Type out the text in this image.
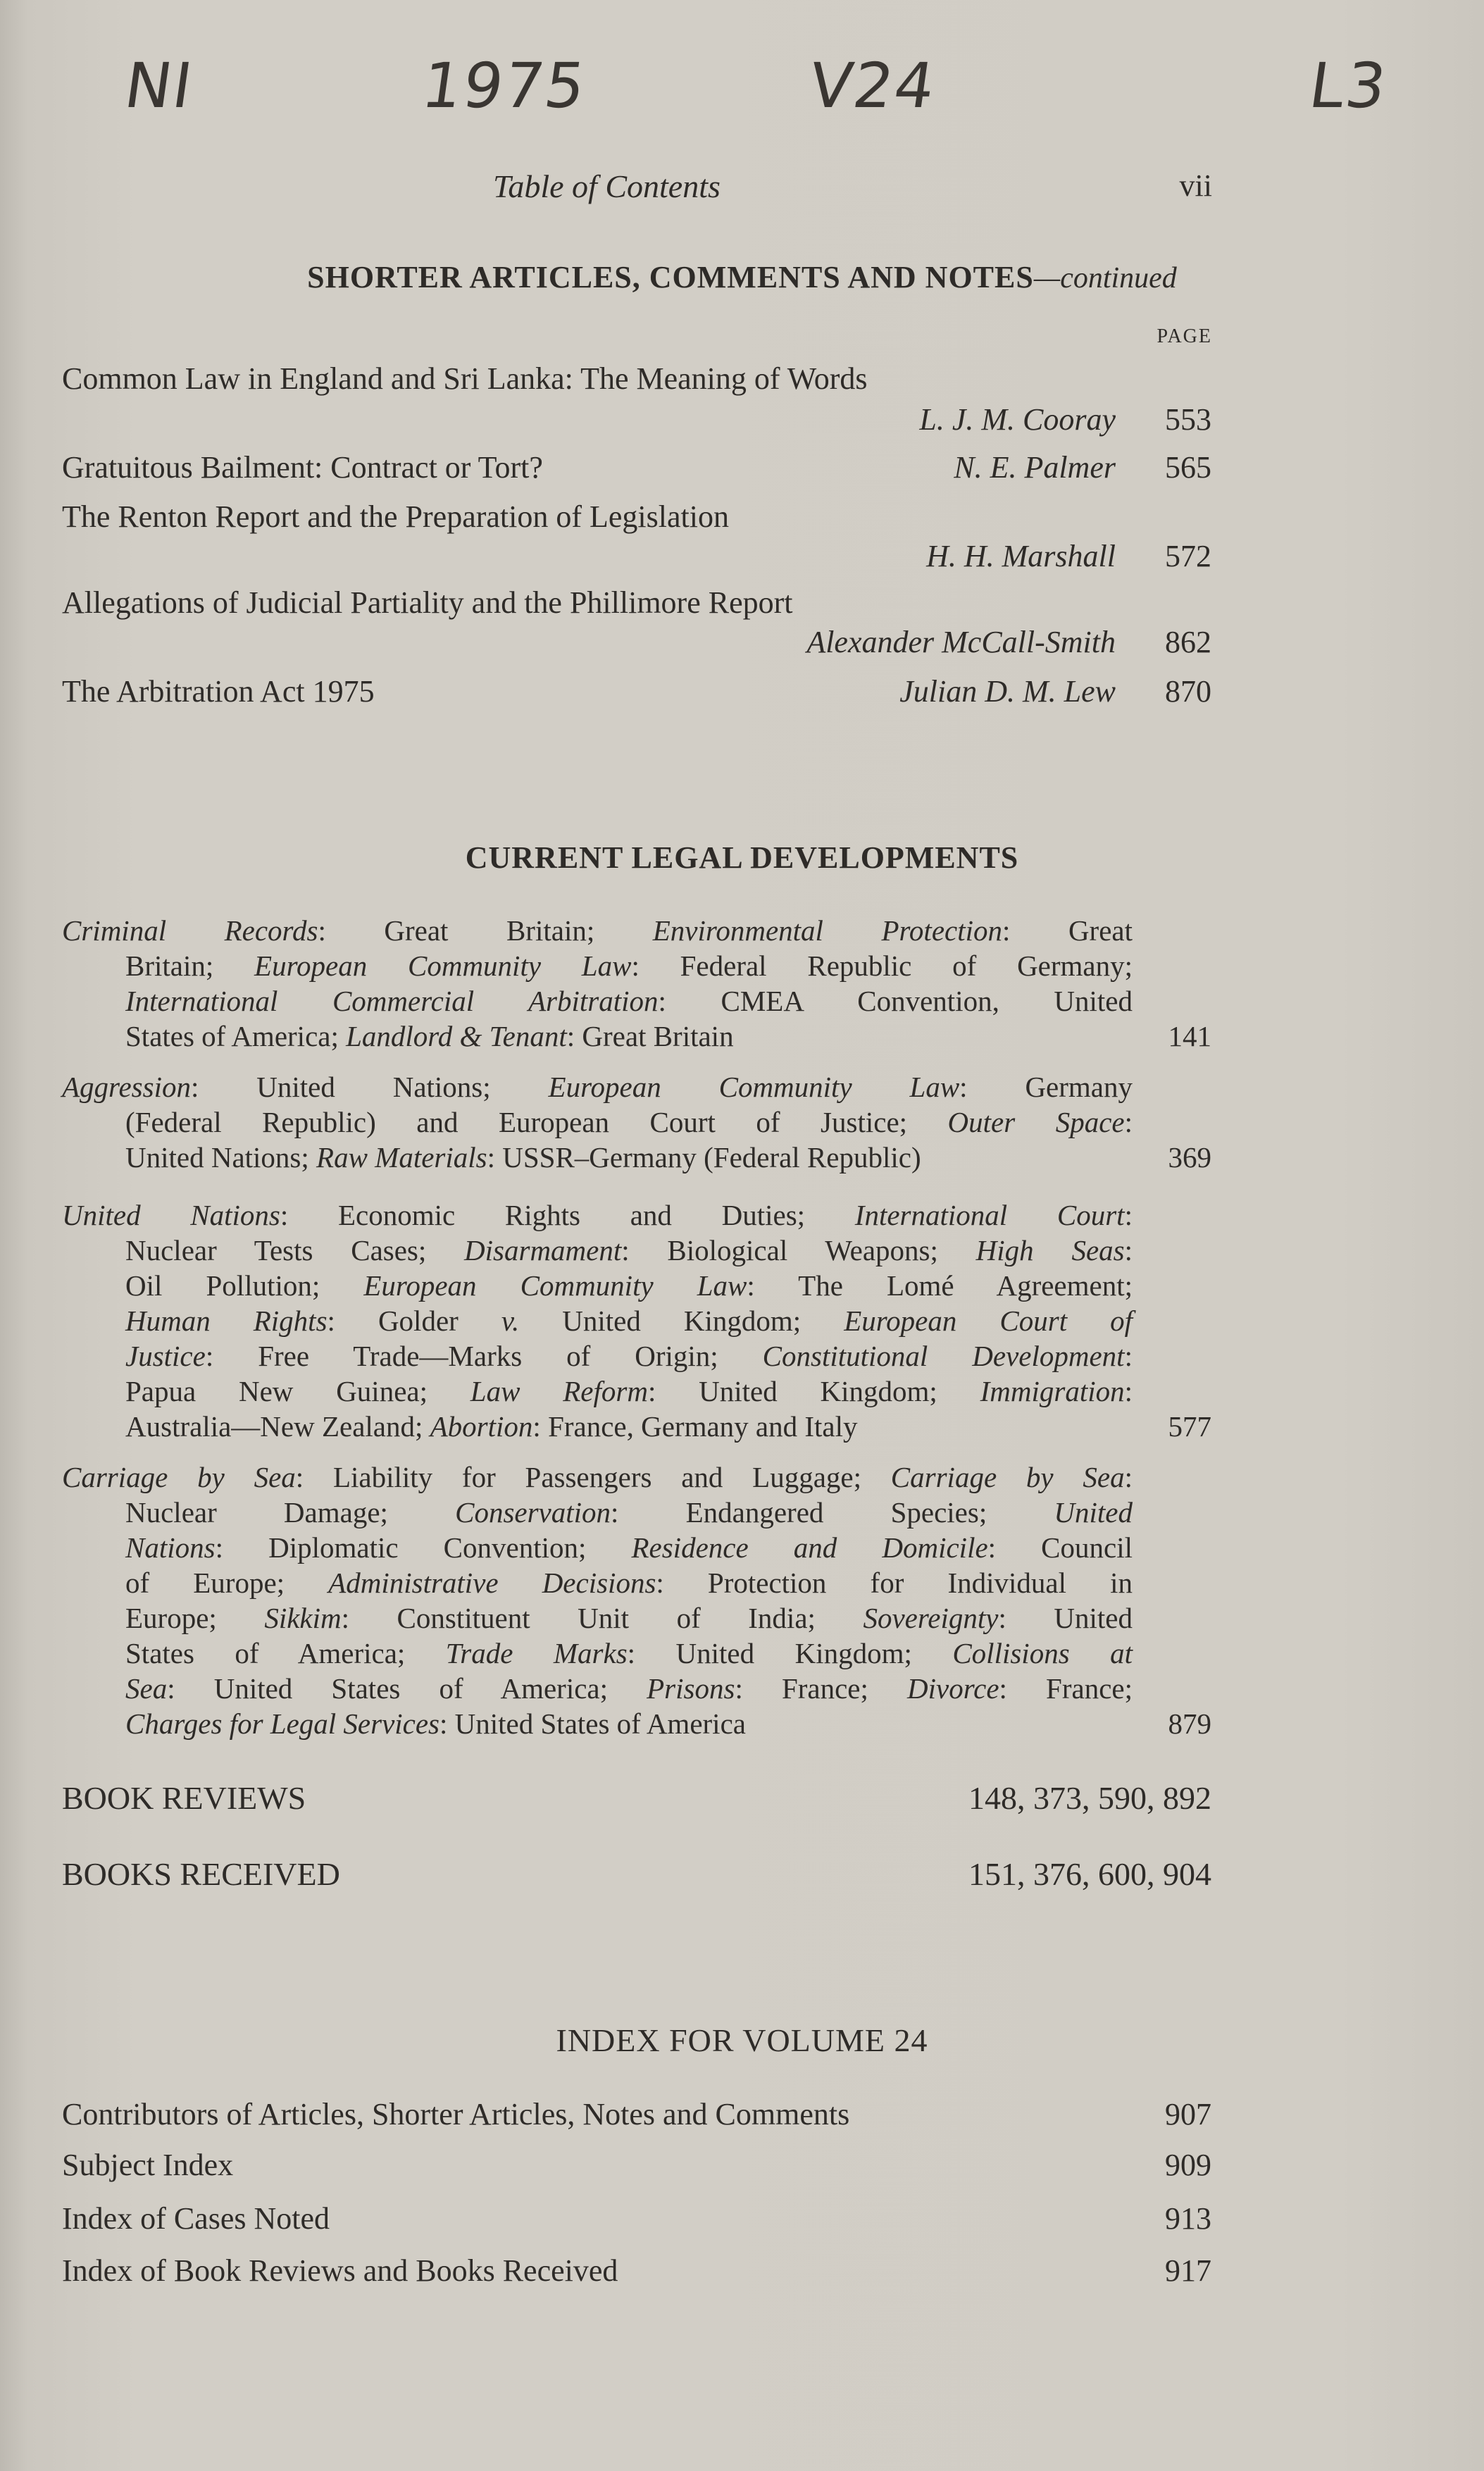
NI	1975	V24	L3
Table of Contents	vii
SHORTER ARTICLES, COMMENTS AND NOTES—continued
PAGE
Common Law in England and Sri Lanka: The Meaning of Words
L. J. M. Cooray 553
Gratuitous Bailment: Contract or Tort?	N. E. Palmer 565
The Renton Report and the Preparation of Legislation
H. H. Marshall 572
Allegations of Judicial Partiality and the Phillimore Report
Alexander McCall-Smith 862
The Arbitration Act 1975	Julian D. M. Lew 870
CURRENT LEGAL DEVELOPMENTS
Criminal Records: Great Britain; Environmental Protection: Great
Britain; European Community Law: Federal Republic of Germany;
International Commercial Arbitration: CMEA Convention, United
States of America; Landlord & Tenant: Great Britain	141
Aggression: United Nations; European Community Law: Germany
(Federal Republic) and European Court of Justice; Outer Space:
United Nations; Raw Materials: USSR–Germany (Federal Republic)	369
United Nations: Economic Rights and Duties; International Court:
Nuclear Tests Cases; Disarmament: Biological Weapons; High Seas:
Oil Pollution; European Community Law: The Lomé Agreement;
Human Rights: Golder v. United Kingdom; European Court of
Justice: Free Trade—Marks of Origin; Constitutional Development:
Papua New Guinea; Law Reform: United Kingdom; Immigration:
Australia—New Zealand; Abortion: France, Germany and Italy	577
Carriage by Sea: Liability for Passengers and Luggage; Carriage by Sea:
Nuclear Damage; Conservation: Endangered Species; United
Nations: Diplomatic Convention; Residence and Domicile: Council
of Europe; Administrative Decisions: Protection for Individual in
Europe; Sikkim: Constituent Unit of India; Sovereignty: United
States of America; Trade Marks: United Kingdom; Collisions at
Sea: United States of America; Prisons: France; Divorce: France;
Charges for Legal Services: United States of America	879
BOOK REVIEWS	148, 373, 590, 892
BOOKS RECEIVED	151, 376, 600, 904
INDEX FOR VOLUME 24
Contributors of Articles, Shorter Articles, Notes and Comments	907
Subject Index	909
Index of Cases Noted	913
Index of Book Reviews and Books Received	917
